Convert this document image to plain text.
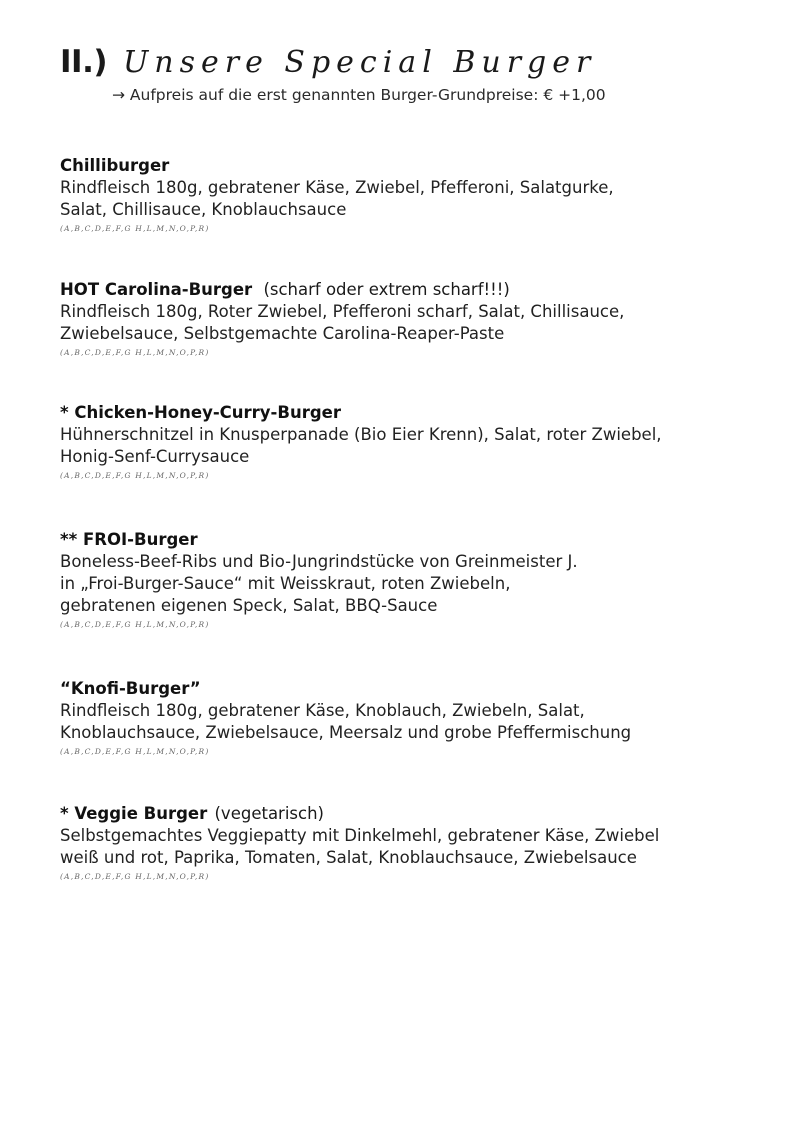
II.) Unsere Special Burger
→ Aufpreis auf die erst genannten Burger-Grundpreise: € +1,00
Chilliburger
Rindfleisch 180g, gebratener Käse, Zwiebel, Pfefferoni, Salatgurke,
Salat, Chillisauce, Knoblauchsauce
(A,B,C,D,E,F,G H,L,M,N,O,P,R)
HOT Carolina-Burger (scharf oder extrem scharf!!!)
Rindfleisch 180g, Roter Zwiebel, Pfefferoni scharf, Salat, Chillisauce,
Zwiebelsauce, Selbstgemachte Carolina-Reaper-Paste
(A,B,C,D,E,F,G H,L,M,N,O,P,R)
* Chicken-Honey-Curry-Burger
Hühnerschnitzel in Knusperpanade (Bio Eier Krenn), Salat, roter Zwiebel,
Honig-Senf-Currysauce
(A,B,C,D,E,F,G H,L,M,N,O,P,R)
** FROI-Burger
Boneless-Beef-Ribs und Bio-Jungrindstücke von Greinmeister J.
in „Froi-Burger-Sauce“ mit Weisskraut, roten Zwiebeln,
gebratenen eigenen Speck, Salat, BBQ-Sauce
(A,B,C,D,E,F,G H,L,M,N,O,P,R)
“Knofi-Burger”
Rindfleisch 180g, gebratener Käse, Knoblauch, Zwiebeln, Salat,
Knoblauchsauce, Zwiebelsauce, Meersalz und grobe Pfeffermischung
(A,B,C,D,E,F,G H,L,M,N,O,P,R)
* Veggie Burger (vegetarisch)
Selbstgemachtes Veggiepatty mit Dinkelmehl, gebratener Käse, Zwiebel
weiß und rot, Paprika, Tomaten, Salat, Knoblauchsauce, Zwiebelsauce
(A,B,C,D,E,F,G H,L,M,N,O,P,R)
